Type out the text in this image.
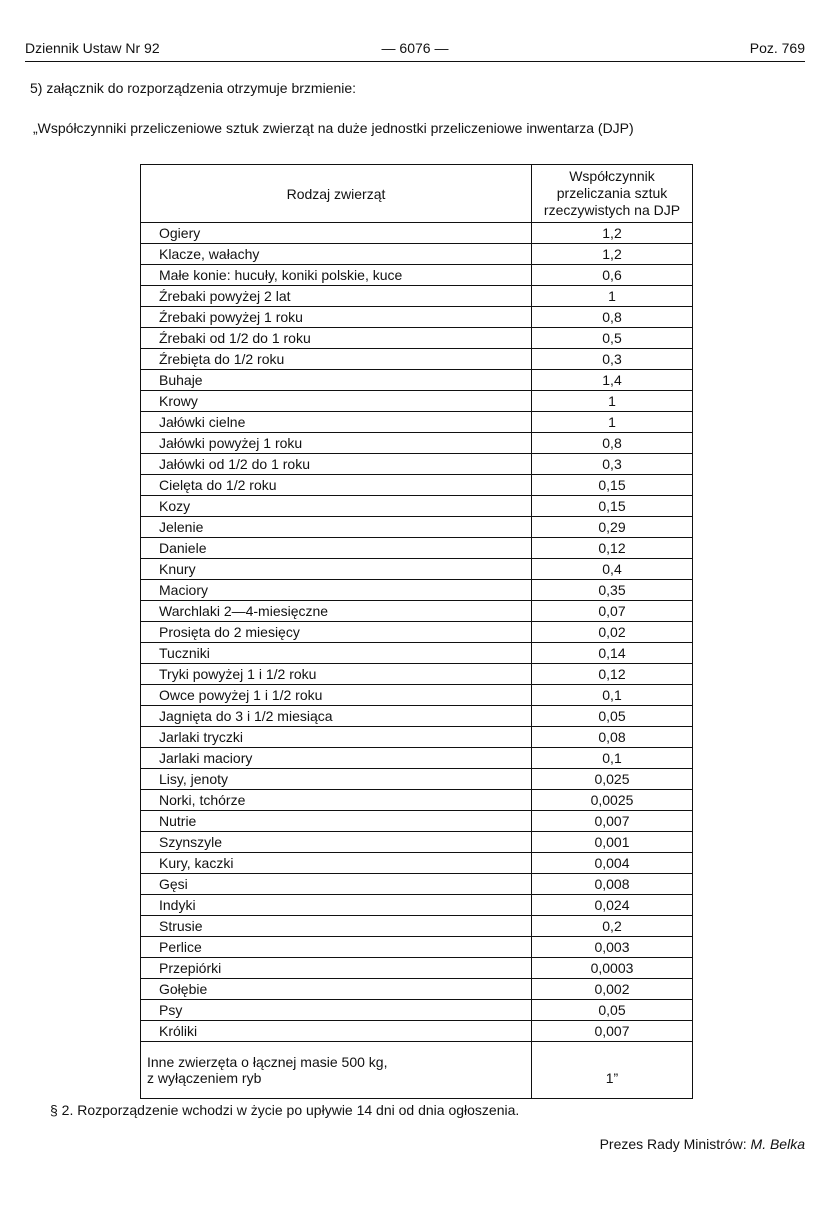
Dziennik Ustaw Nr 92	— 6076 —	Poz. 769
5) załącznik do rozporządzenia otrzymuje brzmienie:
„Współczynniki przeliczeniowe sztuk zwierząt na duże jednostki przeliczeniowe inwentarza (DJP)
Rodzaj zwierząt	Współczynnik przeliczania sztuk rzeczywistych na DJP
Ogiery	1,2
Klacze, wałachy	1,2
Małe konie: hucuły, koniki polskie, kuce	0,6
Źrebaki powyżej 2 lat	1
Źrebaki powyżej 1 roku	0,8
Źrebaki od 1/2 do 1 roku	0,5
Źrebięta do 1/2 roku	0,3
Buhaje	1,4
Krowy	1
Jałówki cielne	1
Jałówki powyżej 1 roku	0,8
Jałówki od 1/2 do 1 roku	0,3
Cielęta do 1/2 roku	0,15
Kozy	0,15
Jelenie	0,29
Daniele	0,12
Knury	0,4
Maciory	0,35
Warchlaki 2—4-miesięczne	0,07
Prosięta do 2 miesięcy	0,02
Tuczniki	0,14
Tryki powyżej 1 i 1/2 roku	0,12
Owce powyżej 1 i 1/2 roku	0,1
Jagnięta do 3 i 1/2 miesiąca	0,05
Jarlaki tryczki	0,08
Jarlaki maciory	0,1
Lisy, jenoty	0,025
Norki, tchórze	0,0025
Nutrie	0,007
Szynszyle	0,001
Kury, kaczki	0,004
Gęsi	0,008
Indyki	0,024
Strusie	0,2
Perlice	0,003
Przepiórki	0,0003
Gołębie	0,002
Psy	0,05
Króliki	0,007

Inne zwierzęta o łącznej masie 500 kg,
z wyłączeniem ryb	1”
§ 2. Rozporządzenie wchodzi w życie po upływie 14 dni od dnia ogłoszenia.
Prezes Rady Ministrów: M. Belka
